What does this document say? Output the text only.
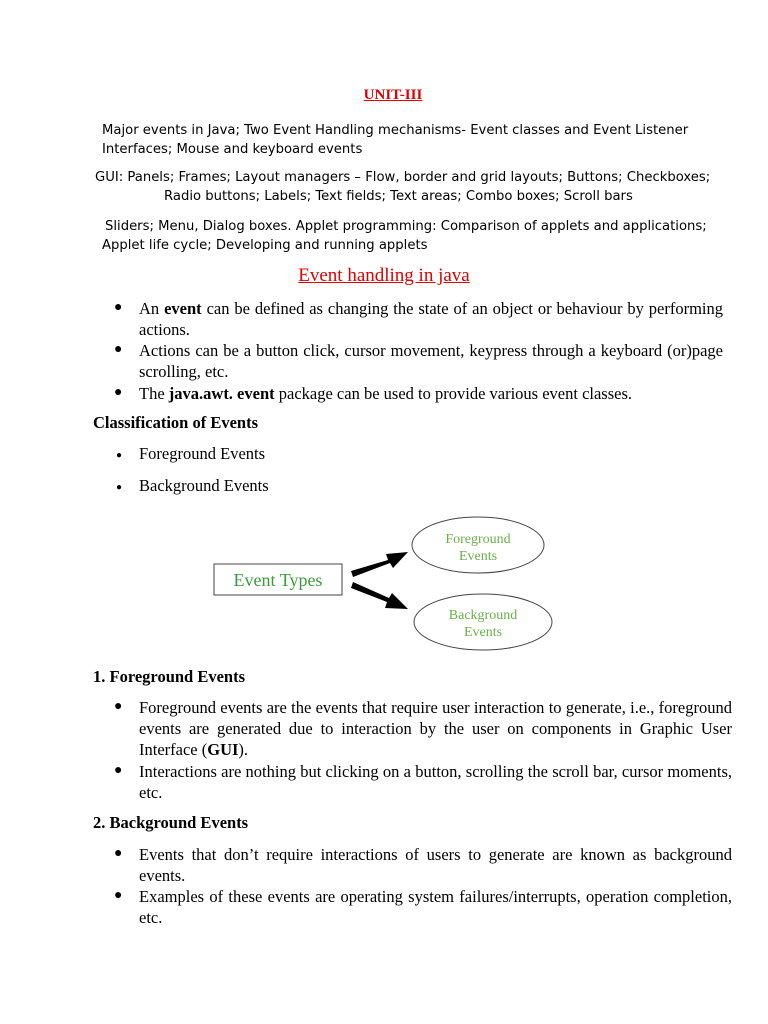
UNIT-III
Major events in Java; Two Event Handling mechanisms- Event classes and Event Listener
Interfaces; Mouse and keyboard events
GUI: Panels; Frames; Layout managers – Flow, border and grid layouts; Buttons; Checkboxes;
Radio buttons; Labels; Text fields; Text areas; Combo boxes; Scroll bars
Sliders; Menu, Dialog boxes. Applet programming: Comparison of applets and applications;
Applet life cycle; Developing and running applets
Event handling in java
● An event can be defined as changing the state of an object or behaviour by performing actions.

● Actions can be a button click, cursor movement, keypress through a keyboard (or)page scrolling, etc.

● The java.awt. event package can be used to provide various event classes.

Classification of Events
● Foreground Events
● Background Events
Event Types
Foreground
Events
Background
Events
1. Foreground Events
● Foreground events are the events that require user interaction to generate, i.e., foreground events are generated due to interaction by the user on components in Graphic User Interface (GUI).

● Interactions are nothing but clicking on a button, scrolling the scroll bar, cursor moments, etc.

2. Background Events
● Events that don’t require interactions of users to generate are known as background events.

● Examples of these events are operating system failures/interrupts, operation completion, etc.
